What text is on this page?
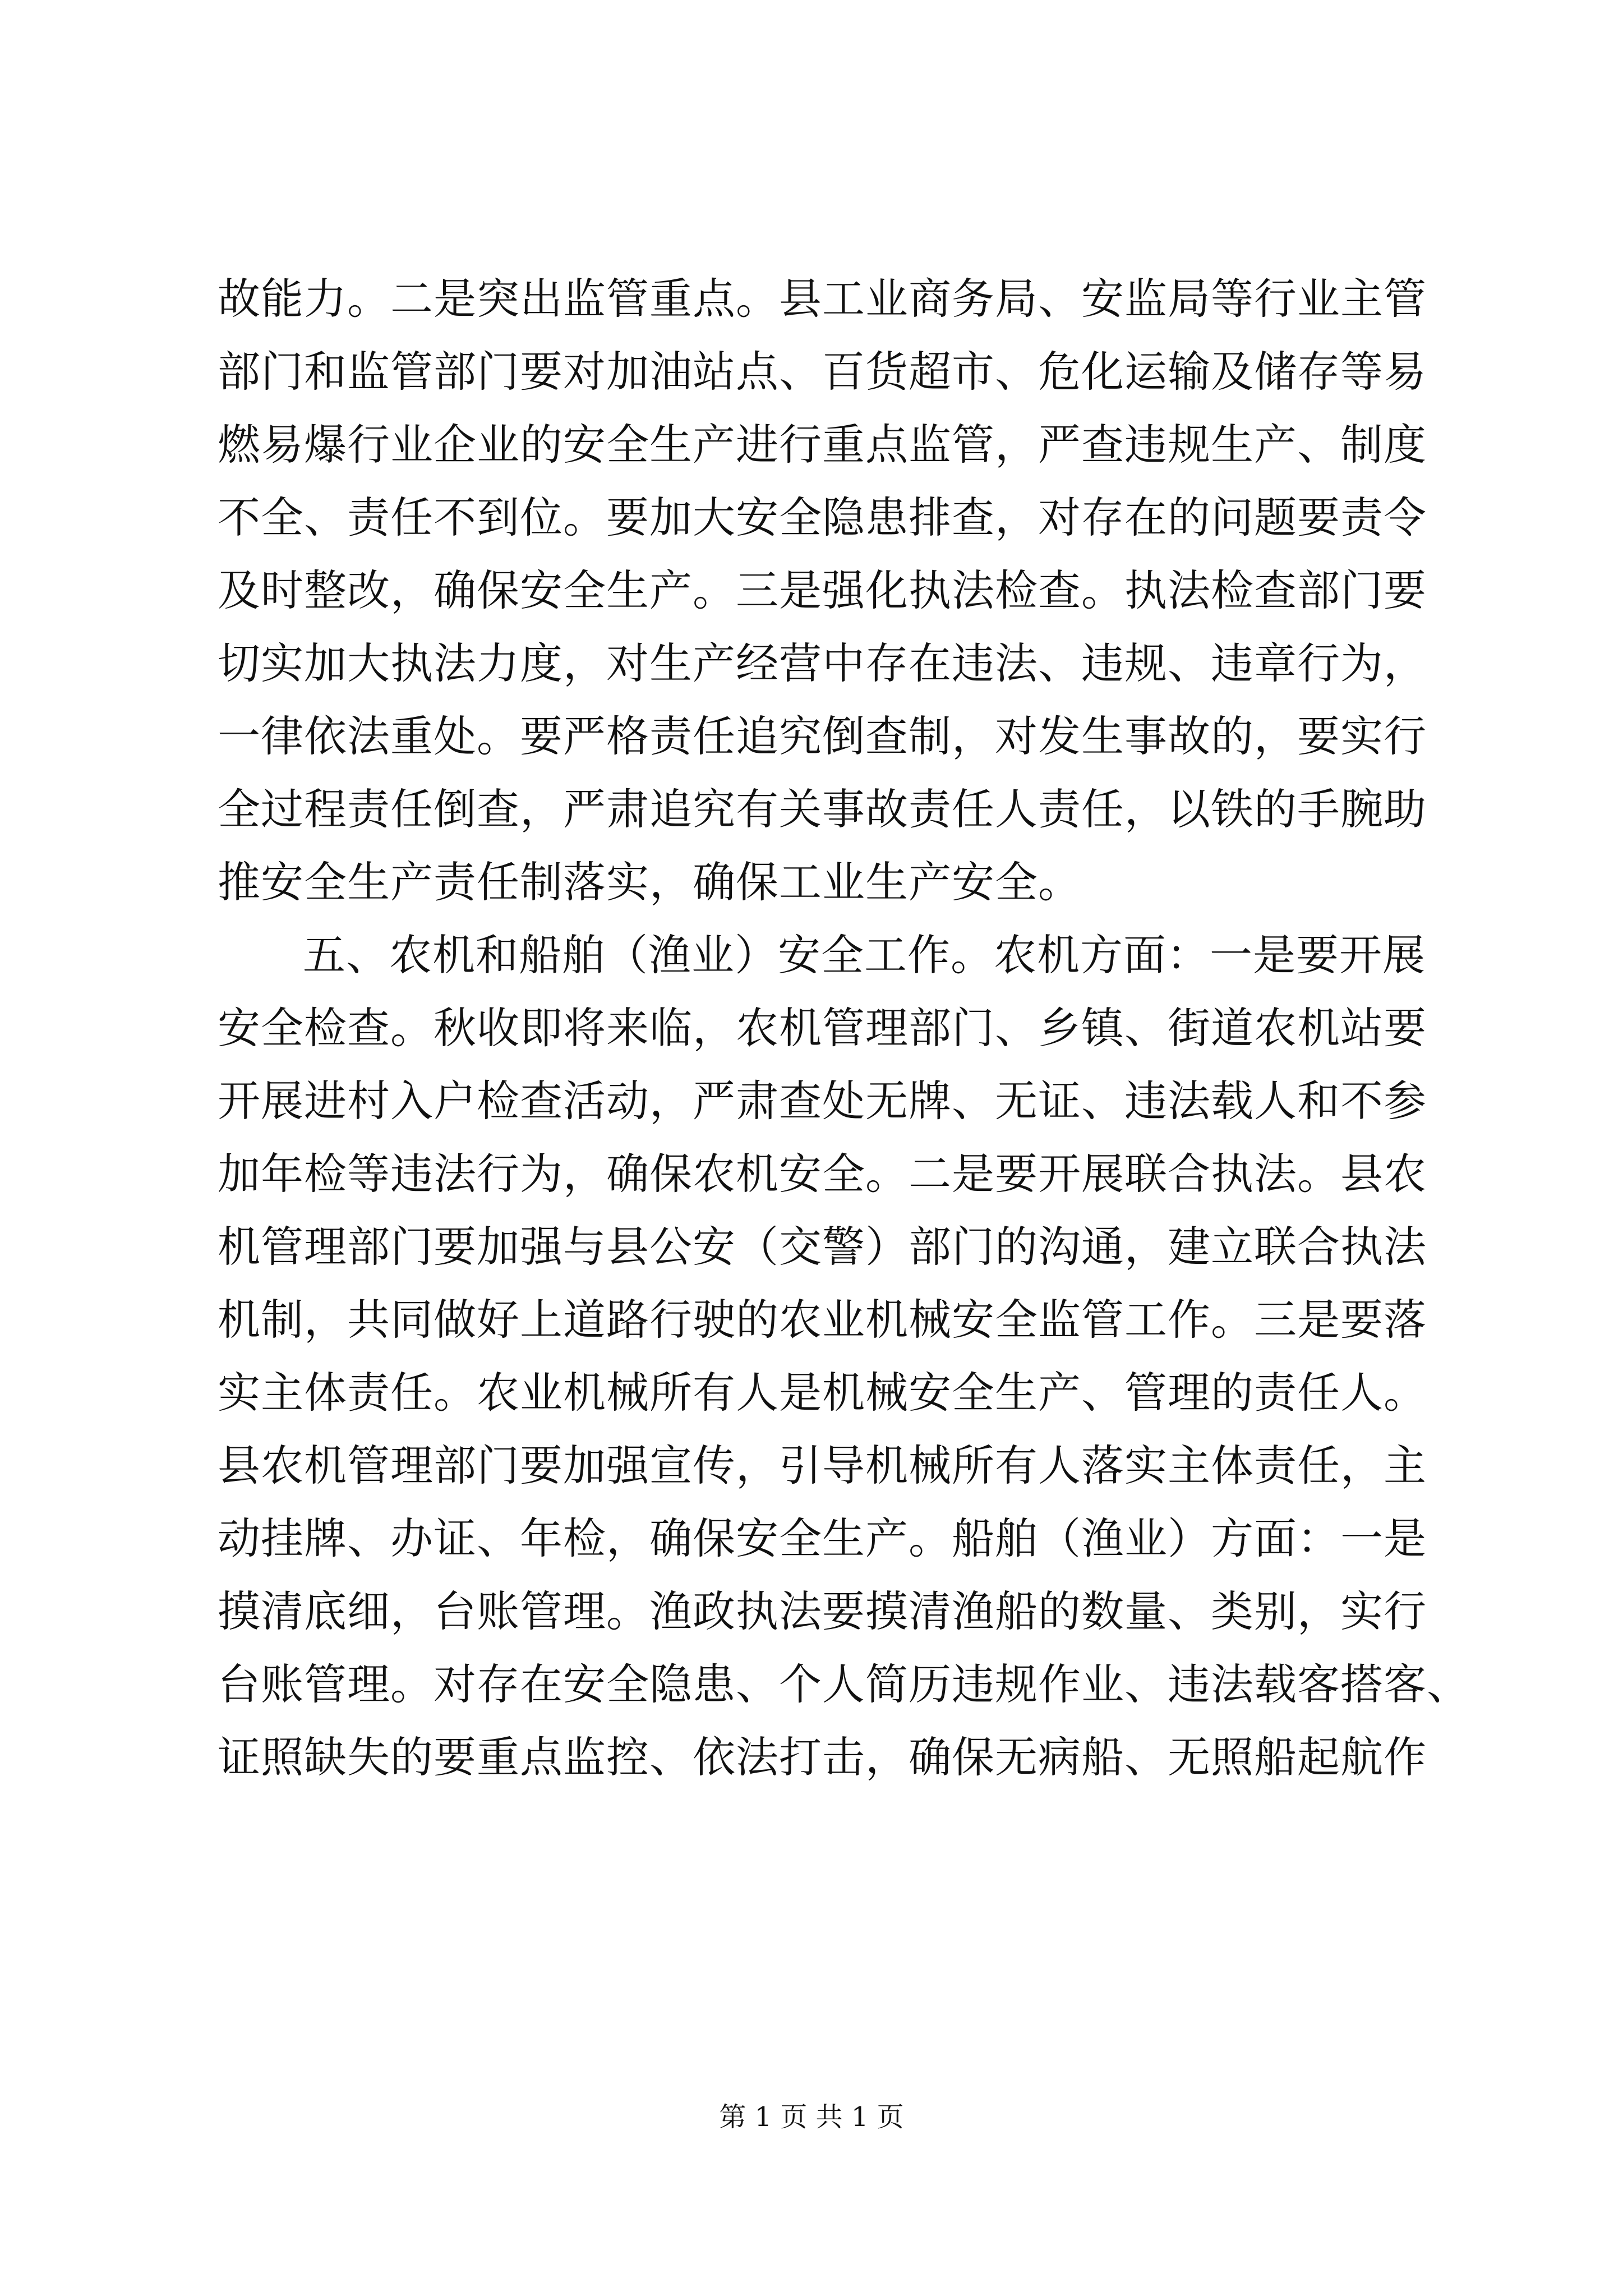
故能力。二是突出监管重点。县工业商务局、安监局等行业主管
部门和监管部门要对加油站点、百货超市、危化运输及储存等易
燃易爆行业企业的安全生产进行重点监管，严查违规生产、制度
不全、责任不到位。要加大安全隐患排查，对存在的问题要责令
及时整改，确保安全生产。三是强化执法检查。执法检查部门要
切实加大执法力度，对生产经营中存在违法、违规、违章行为，
一律依法重处。要严格责任追究倒查制，对发生事故的，要实行
全过程责任倒查，严肃追究有关事故责任人责任，以铁的手腕助
推安全生产责任制落实，确保工业生产安全。
五、农机和船舶（渔业）安全工作。农机方面：一是要开展
安全检查。秋收即将来临，农机管理部门、乡镇、街道农机站要
开展进村入户检查活动，严肃查处无牌、无证、违法载人和不参
加年检等违法行为，确保农机安全。二是要开展联合执法。县农
机管理部门要加强与县公安（交警）部门的沟通，建立联合执法
机制，共同做好上道路行驶的农业机械安全监管工作。三是要落
实主体责任。农业机械所有人是机械安全生产、管理的责任人。
县农机管理部门要加强宣传，引导机械所有人落实主体责任，主
动挂牌、办证、年检，确保安全生产。船舶（渔业）方面：一是
摸清底细，台账管理。渔政执法要摸清渔船的数量、类别，实行
台账管理。对存在安全隐患、个人简历违规作业、违法载客搭客、
证照缺失的要重点监控、依法打击，确保无病船、无照船起航作
第 1 页 共 1 页
